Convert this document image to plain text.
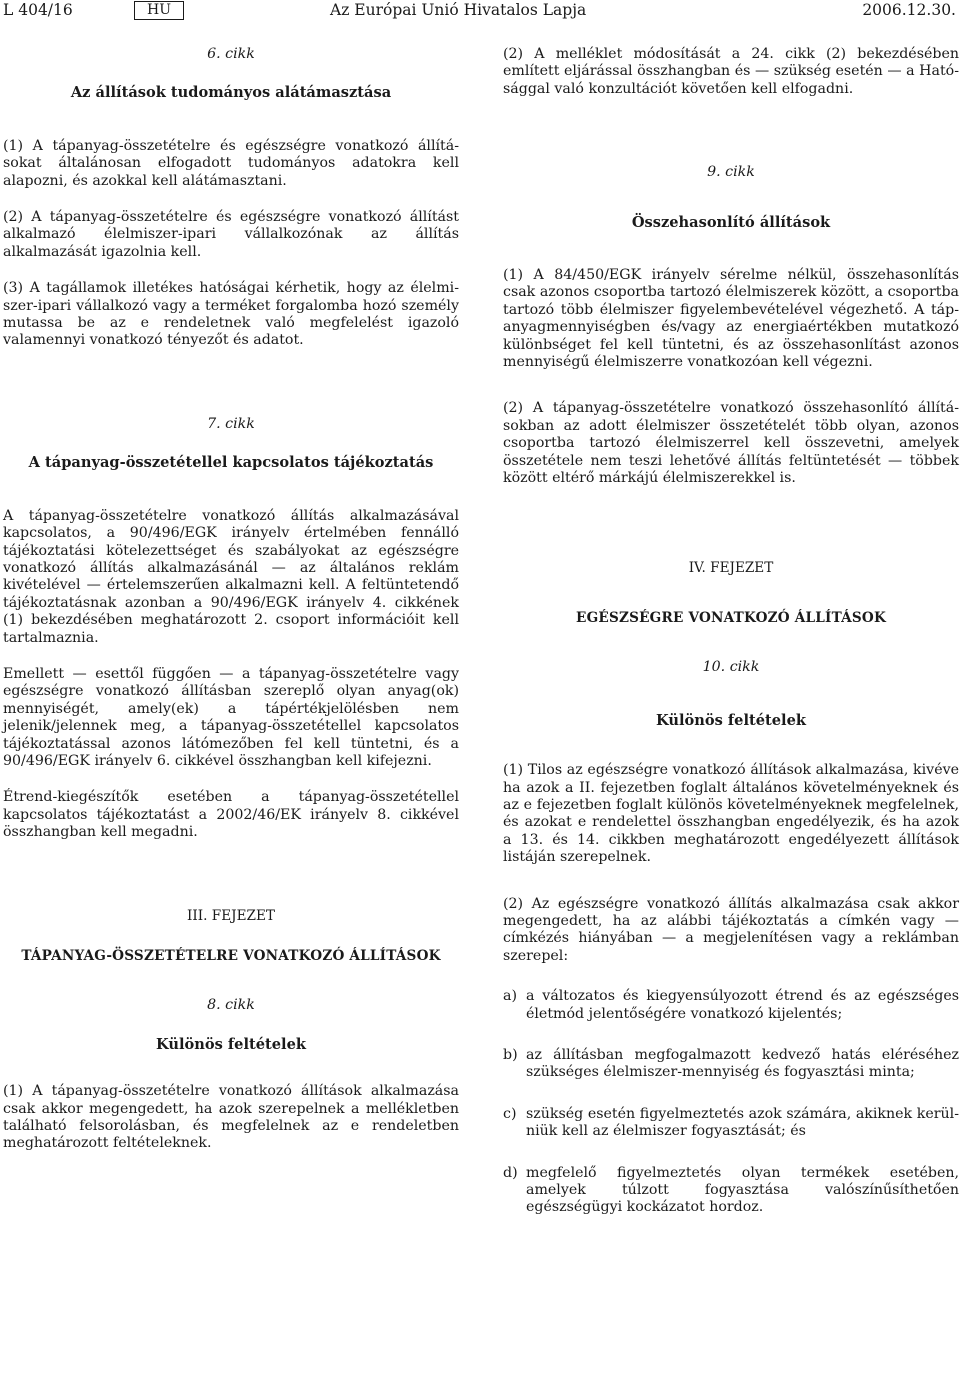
L 404/16	HU	Az Európai Unió Hivatalos Lapja	2006.12.30.

6. cikk

Az állítások tudományos alátámasztása

(1) A tápanyag-összetételre és egészségre vonatkozó állításokat általánosan elfogadott tudományos adatokra kell alapozni, és azokkal kell alátámasztani.

(2) A tápanyag-összetételre és egészségre vonatkozó állítást alkalmazó élelmiszer-ipari vállalkozónak az állítás alkalmazását igazolnia kell.

(3) A tagállamok illetékes hatóságai kérhetik, hogy az élelmiszer-ipari vállalkozó vagy a terméket forgalomba hozó személy mutassa be az e rendeletnek való megfelelést igazoló valamennyi vonatkozó tényezőt és adatot.

7. cikk

A tápanyag-összetétellel kapcsolatos tájékoztatás

A tápanyag-összetételre vonatkozó állítás alkalmazásával kapcsolatos, a 90/496/EGK irányelv értelmében fennálló tájékoztatási kötelezettséget és szabályokat az egészségre vonatkozó állítás alkalmazásánál — az általános reklám kivételével — értelemszerűen alkalmazni kell. A feltüntetendő tájékoztatásnak azonban a 90/496/EGK irányelv 4. cikkének (1) bekezdésében meghatározott 2. csoport információit kell tartalmaznia.

Emellett — esettől függően — a tápanyag-összetételre vagy egészségre vonatkozó állításban szereplő olyan anyag(ok) mennyiségét, amely(ek) a tápértékjelölésben nem jelenik/jelennek meg, a tápanyag-összetétellel kapcsolatos tájékoztatással azonos látómezőben fel kell tüntetni, és a 90/496/EGK irányelv 6. cikkével összhangban kell kifejezni.

Étrend-kiegészítők esetében a tápanyag-összetétellel kapcsolatos tájékoztatást a 2002/46/EK irányelv 8. cikkével összhangban kell megadni.

III. FEJEZET

TÁPANYAG-ÖSSZETÉTELRE VONATKOZÓ ÁLLÍTÁSOK

8. cikk

Különös feltételek

(1) A tápanyag-összetételre vonatkozó állítások alkalmazása csak akkor megengedett, ha azok szerepelnek a mellékletben található felsorolásban, és megfelelnek az e rendeletben meghatározott feltételeknek.

(2) A melléklet módosítását a 24. cikk (2) bekezdésében említett eljárással összhangban és — szükség esetén — a Hatósággal való konzultációt követően kell elfogadni.

9. cikk

Összehasonlító állítások

(1) A 84/450/EGK irányelv sérelme nélkül, összehasonlítás csak azonos csoportba tartozó élelmiszerek között, a csoportba tartozó több élelmiszer figyelembevételével végezhető. A tápanyagmennyiségben és/vagy az energiaértékben mutatkozó különbséget fel kell tüntetni, és az összehasonlítást azonos mennyiségű élelmiszerre vonatkozóan kell végezni.

(2) A tápanyag-összetételre vonatkozó összehasonlító állításokban az adott élelmiszer összetételét több olyan, azonos csoportba tartozó élelmiszerrel kell összevetni, amelyek összetétele nem teszi lehetővé állítás feltüntetését — többek között eltérő márkájú élelmiszerekkel is.

IV. FEJEZET

EGÉSZSÉGRE VONATKOZÓ ÁLLÍTÁSOK

10. cikk

Különös feltételek

(1) Tilos az egészségre vonatkozó állítások alkalmazása, kivéve ha azok a II. fejezetben foglalt általános követelményeknek és az e fejezetben foglalt különös követelményeknek megfelelnek, és azokat e rendelettel összhangban engedélyezik, és ha azok a 13. és 14. cikkben meghatározott engedélyezett állítások listáján szerepelnek.

(2) Az egészségre vonatkozó állítás alkalmazása csak akkor megengedett, ha az alábbi tájékoztatás a címkén vagy — címkézés hiányában — a megjelenítésen vagy a reklámban szerepel:

a) a változatos és kiegyensúlyozott étrend és az egészséges életmód jelentőségére vonatkozó kijelentés;
b) az állításban megfogalmazott kedvező hatás eléréséhez szükséges élelmiszer-mennyiség és fogyasztási minta;
c) szükség esetén figyelmeztetés azok számára, akiknek kerülniük kell az élelmiszer fogyasztását; és
d) megfelelő figyelmeztetés olyan termékek esetében, amelyek túlzott fogyasztása valószínűsíthetően egészségügyi kockázatot hordoz.
